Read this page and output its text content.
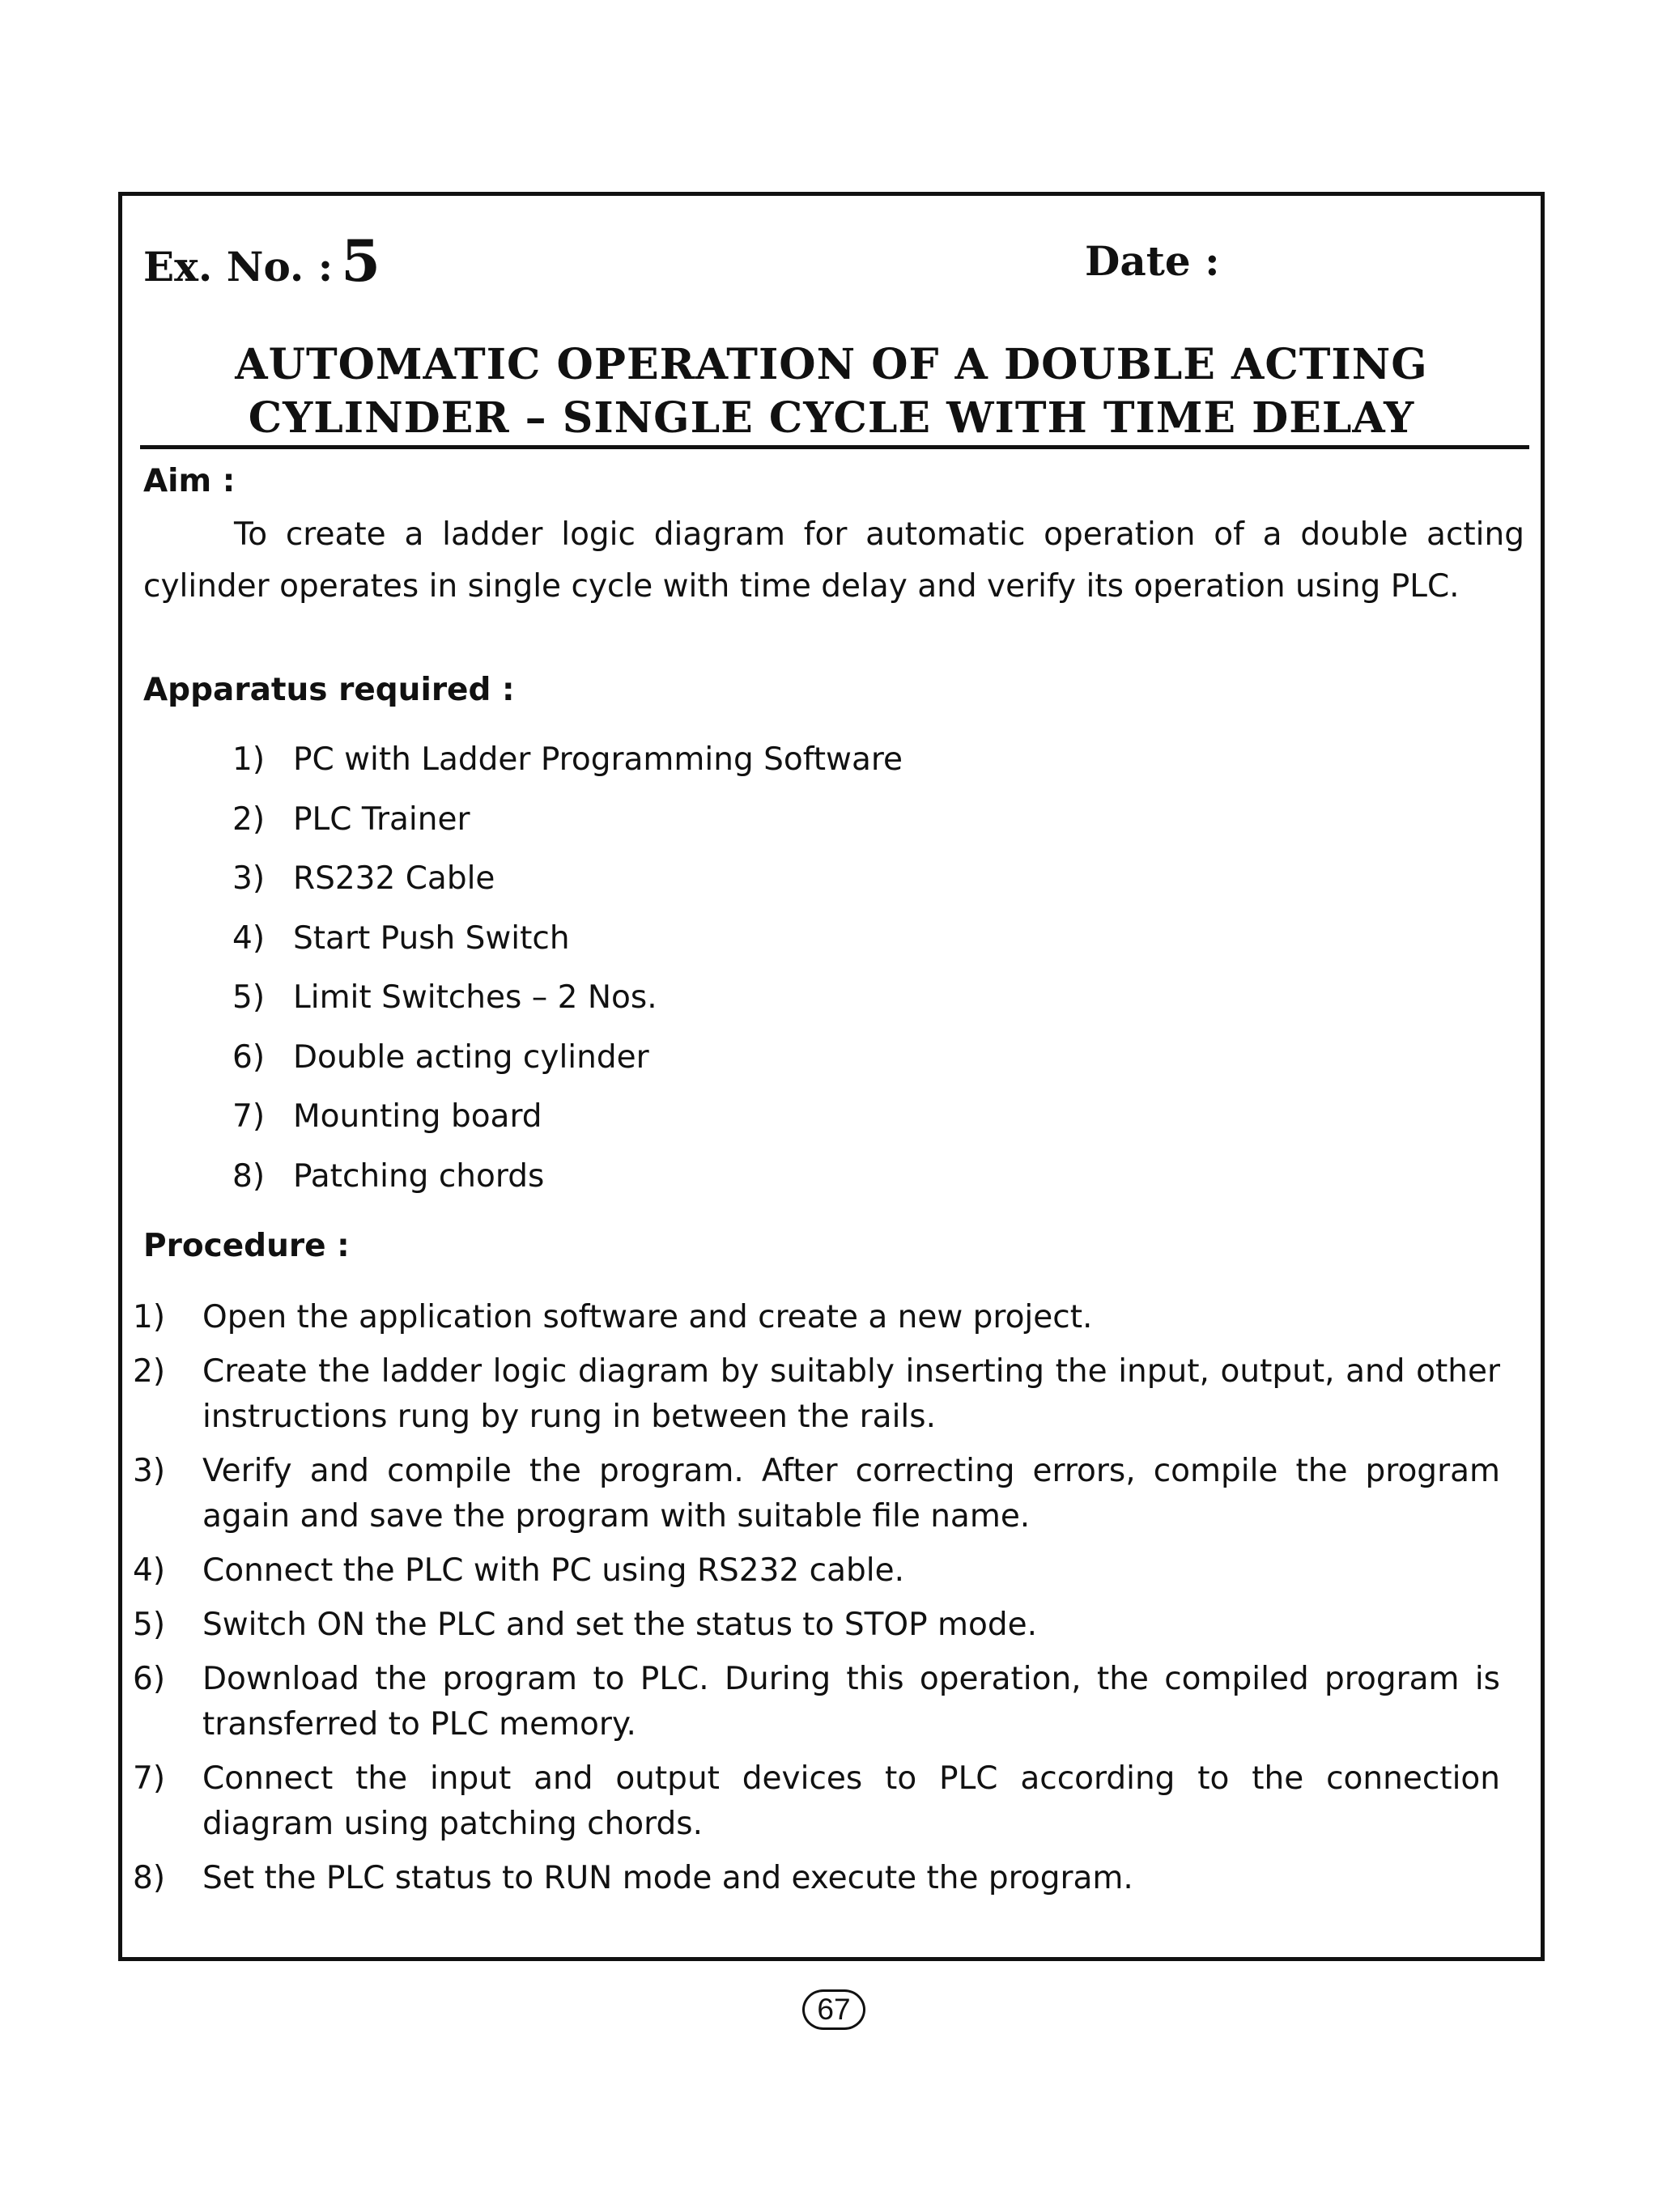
Ex. No. : 5	Date :
AUTOMATIC OPERATION OF A DOUBLE ACTING
CYLINDER – SINGLE CYCLE WITH TIME DELAY
Aim :
To create a ladder logic diagram for automatic operation of a double acting cylinder operates in single cycle with time delay and verify its operation using PLC.
Apparatus required :
1) PC with Ladder Programming Software
2) PLC Trainer
3) RS232 Cable
4) Start Push Switch
5) Limit Switches – 2 Nos.
6) Double acting cylinder
7) Mounting board
8) Patching chords
Procedure :
1) Open the application software and create a new project.
2) Create the ladder logic diagram by suitably inserting the input, output, and other instructions rung by rung in between the rails.
3) Verify and compile the program. After correcting errors, compile the program again and save the program with suitable file name.
4) Connect the PLC with PC using RS232 cable.
5) Switch ON the PLC and set the status to STOP mode.
6) Download the program to PLC. During this operation, the compiled program is transferred to PLC memory.
7) Connect the input and output devices to PLC according to the connection diagram using patching chords.
8) Set the PLC status to RUN mode and execute the program.
67
